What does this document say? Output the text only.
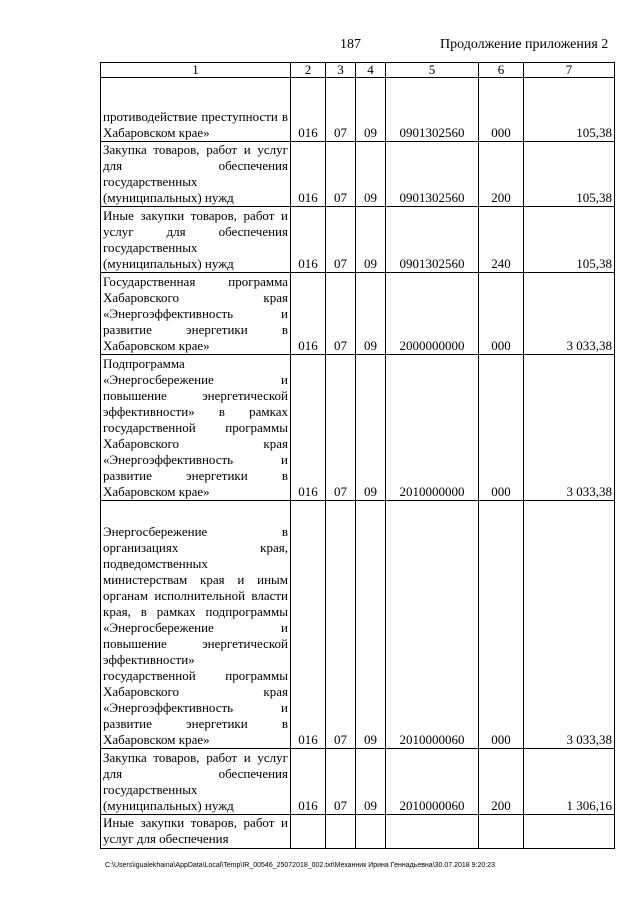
187	Продолжение приложения 2
1	2	3	4	5	6	7
противодействие преступности в Хабаровском крае»	016	07	09	0901302560	000	105,38
Закупка товаров, работ и услуг для обеспечения государственных (муниципальных) нужд	016	07	09	0901302560	200	105,38
Иные закупки товаров, работ и услуг для обеспечения государственных (муниципальных) нужд	016	07	09	0901302560	240	105,38
Государственная программа Хабаровского края «Энергоэффективность и развитие энергетики в Хабаровском крае»	016	07	09	2000000000	000	3 033,38
Подпрограмма «Энергосбережение и повышение энергетической эффективности» в рамках государственной программы Хабаровского края «Энергоэффективность и развитие энергетики в Хабаровском крае»	016	07	09	2010000000	000	3 033,38
Энергосбережение в организациях края, подведомственных министерствам края и иным органам исполнительной власти края, в рамках подпрограммы «Энергосбережение и повышение энергетической эффективности» государственной программы Хабаровского края «Энергоэффективность и развитие энергетики в Хабаровском крае»	016	07	09	2010000060	000	3 033,38
Закупка товаров, работ и услуг для обеспечения государственных (муниципальных) нужд	016	07	09	2010000060	200	1 306,16
Иные закупки товаров, работ и услуг для обеспечения						
C:\Users\igualekhaina\AppData\Local\Temp\IR_00546_25072018_002.txt\Механник Ирина Геннадьевна\30.07.2018 9:20:23
